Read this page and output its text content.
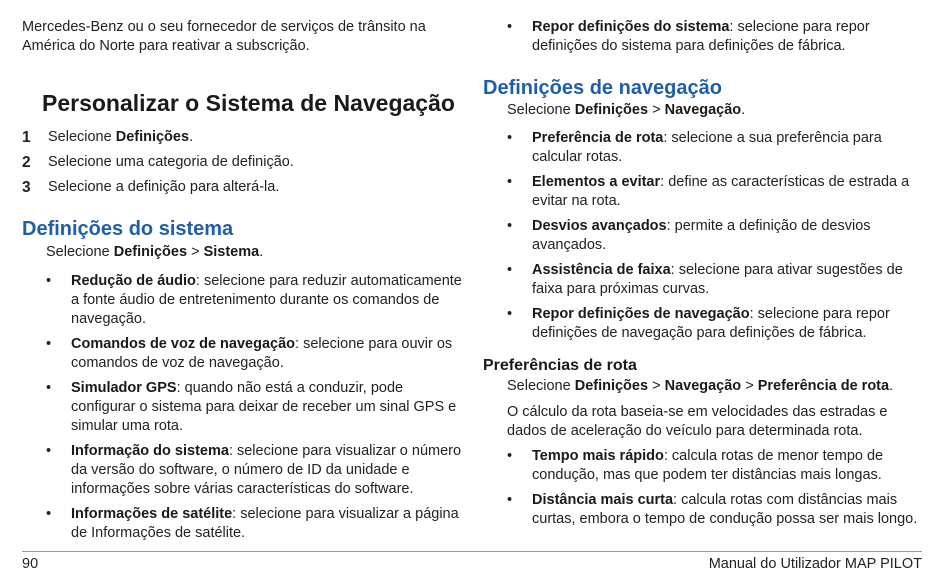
Mercedes-Benz ou o seu fornecedor de serviços de trânsito na América do Norte para reativar a subscrição.

Personalizar o Sistema de Navegação
1	Selecione Definições.
2	Selecione uma categoria de definição.
3	Selecione a definição para alterá-la.
Definições do sistema

Selecione Definições > Sistema.

• Redução de áudio: selecione para reduzir automaticamente a fonte áudio de entretenimento durante os comandos de navegação.
• Comandos de voz de navegação: selecione para ouvir os comandos de voz de navegação.
• Simulador GPS: quando não está a conduzir, pode configurar o sistema para deixar de receber um sinal GPS e simular uma rota.
• Informação do sistema: selecione para visualizar o número da versão do software, o número de ID da unidade e informações sobre várias características do software.
• Informações de satélite: selecione para visualizar a página de Informações de satélite.
• Repor definições do sistema: selecione para repor definições do sistema para definições de fábrica.
Definições de navegação

Selecione Definições > Navegação.

• Preferência de rota: selecione a sua preferência para calcular rotas.
• Elementos a evitar: define as características de estrada a evitar na rota.
• Desvios avançados: permite a definição de desvios avançados.
• Assistência de faixa: selecione para ativar sugestões de faixa para próximas curvas.
• Repor definições de navegação: selecione para repor definições de navegação para definições de fábrica.
Preferências de rota

Selecione Definições > Navegação > Preferência de rota.

O cálculo da rota baseia-se em velocidades das estradas e dados de aceleração do veículo para determinada rota.

• Tempo mais rápido: calcula rotas de menor tempo de condução, mas que podem ter distâncias mais longas.
• Distância mais curta: calcula rotas com distâncias mais curtas, embora o tempo de condução possa ser mais longo.
90	Manual do Utilizador MAP PILOT
